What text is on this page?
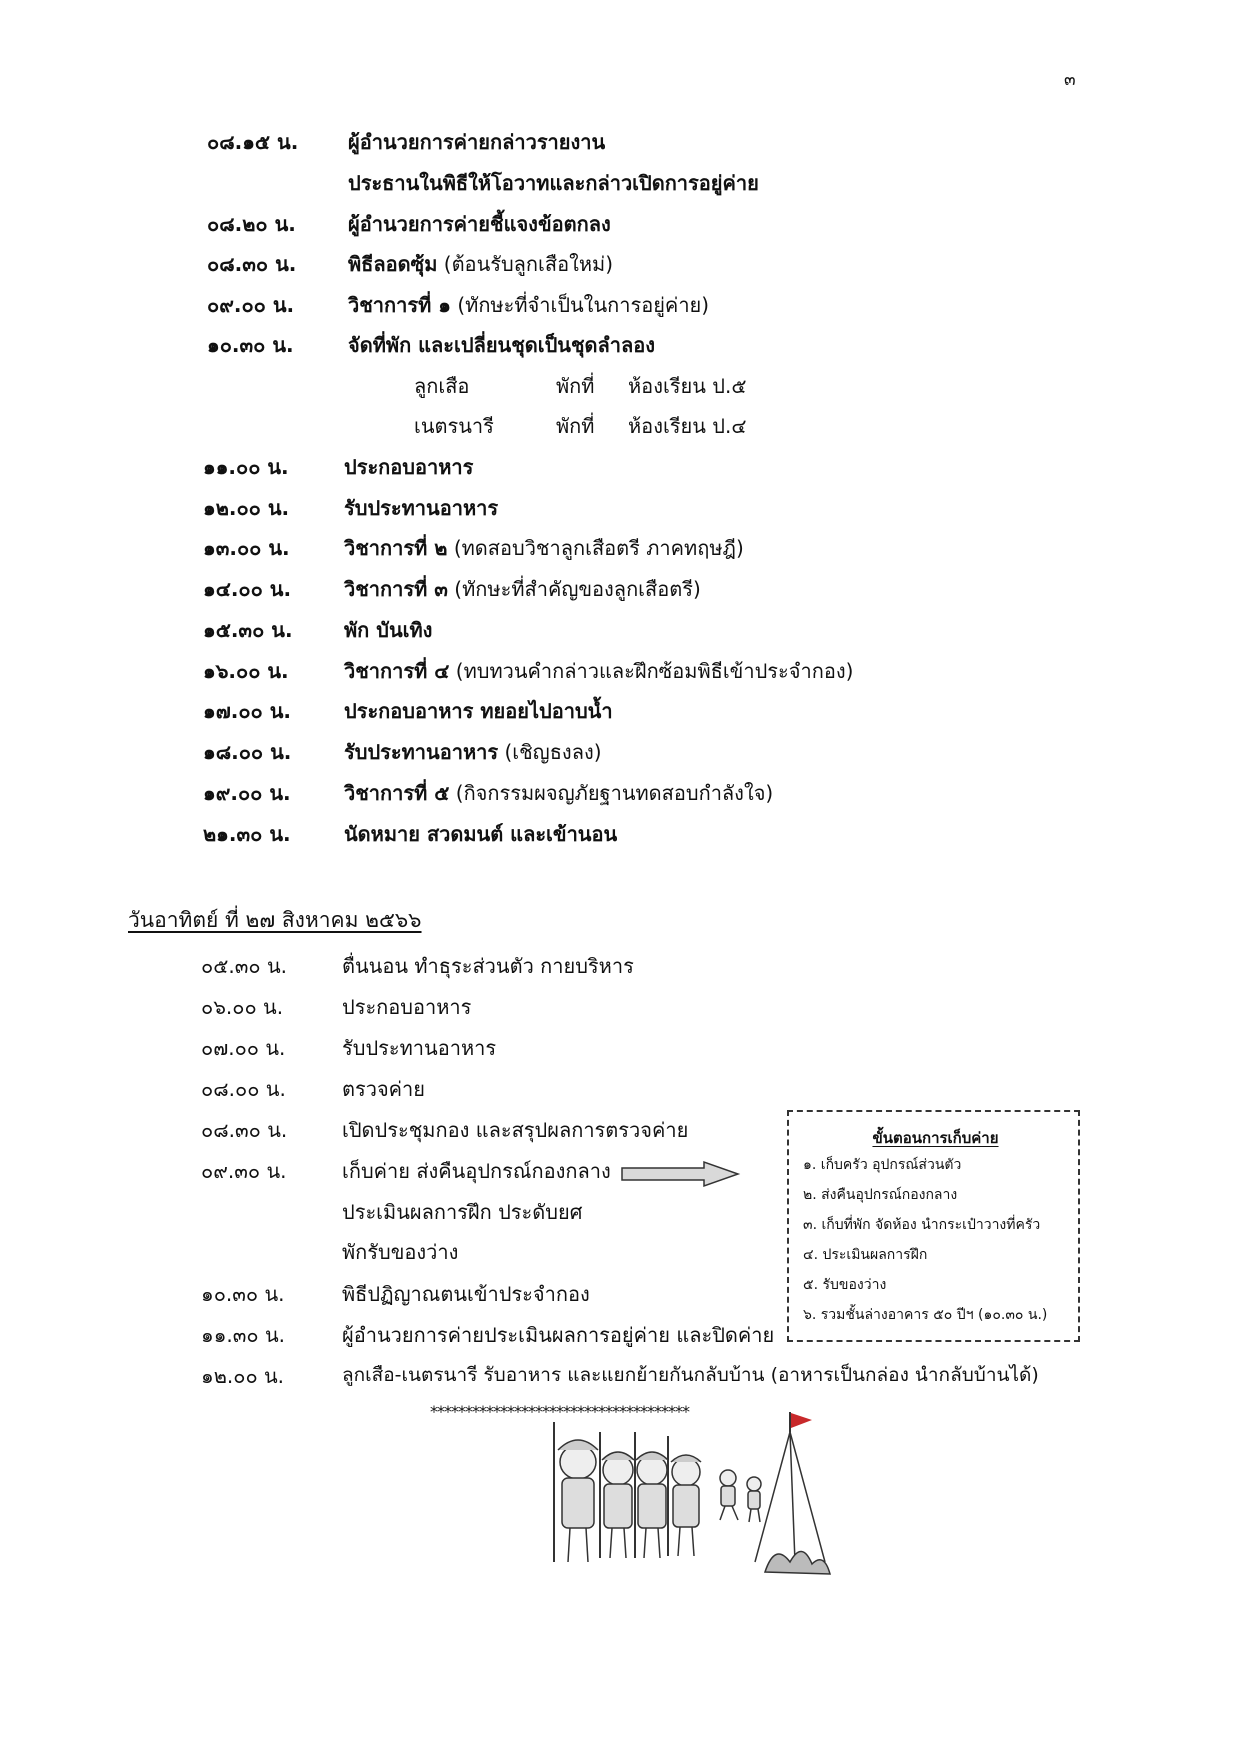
๓
๐๘.๑๕ น. ผู้อำนวยการค่ายกล่าวรายงาน
ประธานในพิธีให้โอวาทและกล่าวเปิดการอยู่ค่าย
๐๘.๒๐ น.	ผู้อำนวยการค่ายชี้แจงข้อตกลง
๐๘.๓๐ น.	พิธีลอดซุ้ม (ต้อนรับลูกเสือใหม่)
๐๙.๐๐ น.	วิชาการที่ ๑ (ทักษะที่จำเป็นในการอยู่ค่าย)
๑๐.๓๐ น.	จัดที่พัก และเปลี่ยนชุดเป็นชุดลำลอง
ลูกเสือ	พักที่ ห้องเรียน ป.๕
เนตรนารี	พักที่ ห้องเรียน ป.๔
๑๑.๐๐ น.	ประกอบอาหาร
๑๒.๐๐ น.	รับประทานอาหาร
๑๓.๐๐ น.	วิชาการที่ ๒ (ทดสอบวิชาลูกเสือตรี ภาคทฤษฎี)
๑๔.๐๐ น.	วิชาการที่ ๓ (ทักษะที่สำคัญของลูกเสือตรี)
๑๕.๓๐ น.	พัก บันเทิง
๑๖.๐๐ น.	วิชาการที่ ๔ (ทบทวนคำกล่าวและฝึกซ้อมพิธีเข้าประจำกอง)
๑๗.๐๐ น.	ประกอบอาหาร ทยอยไปอาบน้ำ
๑๘.๐๐ น.	รับประทานอาหาร (เชิญธงลง)
๑๙.๐๐ น.	วิชาการที่ ๕ (กิจกรรมผจญภัยฐานทดสอบกำลังใจ)
๒๑.๓๐ น.	นัดหมาย สวดมนต์ และเข้านอน
วันอาทิตย์ ที่ ๒๗ สิงหาคม ๒๕๖๖
๐๕.๓๐ น.	ตื่นนอน ทำธุระส่วนตัว กายบริหาร
๐๖.๐๐ น.	ประกอบอาหาร
๐๗.๐๐ น.	รับประทานอาหาร
๐๘.๐๐ น.	ตรวจค่าย
๐๘.๓๐ น.	เปิดประชุมกอง และสรุปผลการตรวจค่าย
๐๙.๓๐ น.	เก็บค่าย ส่งคืนอุปกรณ์กองกลาง
ประเมินผลการฝึก ประดับยศ
พักรับของว่าง
๑๐.๓๐ น.	พิธีปฏิญาณตนเข้าประจำกอง
๑๑.๓๐ น.	ผู้อำนวยการค่ายประเมินผลการอยู่ค่าย และปิดค่าย
๑๒.๐๐ น.	ลูกเสือ-เนตรนารี รับอาหาร และแยกย้ายกันกลับบ้าน (อาหารเป็นกล่อง นำกลับบ้านได้)
ขั้นตอนการเก็บค่าย
๑. เก็บครัว อุปกรณ์ส่วนตัว
๒. ส่งคืนอุปกรณ์กองกลาง
๓. เก็บที่พัก จัดห้อง นำกระเป๋าวางที่ครัว
๔. ประเมินผลการฝึก
๕. รับของว่าง
๖. รวมชั้นล่างอาคาร ๕๐ ปีฯ (๑๐.๓๐ น.)
*************************************
